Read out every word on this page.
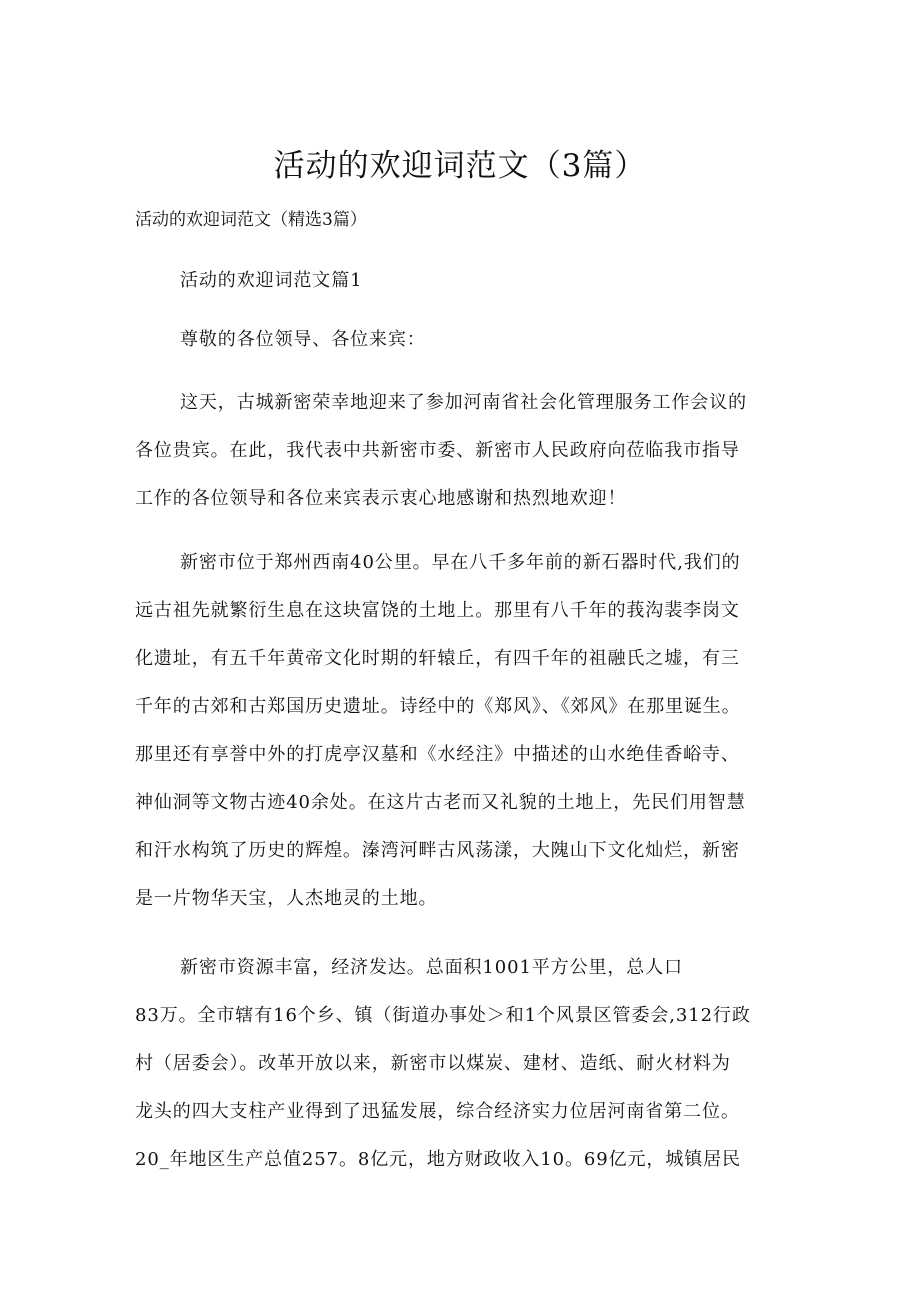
活动的欢迎词范文（3篇）

活动的欢迎词范文（精选3篇）

活动的欢迎词范文篇1

尊敬的各位领导、各位来宾：

这天，古城新密荣幸地迎来了参加河南省社会化管理服务工作会议的

各位贵宾。在此，我代表中共新密市委、新密市人民政府向莅临我市指导

工作的各位领导和各位来宾表示衷心地感谢和热烈地欢迎！

新密市位于郑州西南40公里。早在八千多年前的新石器时代,我们的

远古祖先就繁衍生息在这块富饶的土地上。那里有八千年的莪沟裴李岗文

化遗址，有五千年黄帝文化时期的轩辕丘，有四千年的祖融氏之墟，有三

千年的古郊和古郑国历史遗址。诗经中的《郑风》、《郊风》在那里诞生。

那里还有享誉中外的打虎亭汉墓和《水经注》中描述的山水绝佳香峪寺、

神仙洞等文物古迹40余处。在这片古老而又礼貌的土地上，先民们用智慧

和汗水构筑了历史的辉煌。溱湾河畔古风荡漾，大隗山下文化灿烂，新密

是一片物华天宝，人杰地灵的土地。

新密市资源丰富，经济发达。总面积1001平方公里，总人口

83万。全市辖有16个乡、镇（街道办事处＞和1个风景区管委会,312行政

村（居委会）。改革开放以来，新密市以煤炭、建材、造纸、耐火材料为

龙头的四大支柱产业得到了迅猛发展，综合经济实力位居河南省第二位。

20_年地区生产总值257。8亿元，地方财政收入10。69亿元，城镇居民
